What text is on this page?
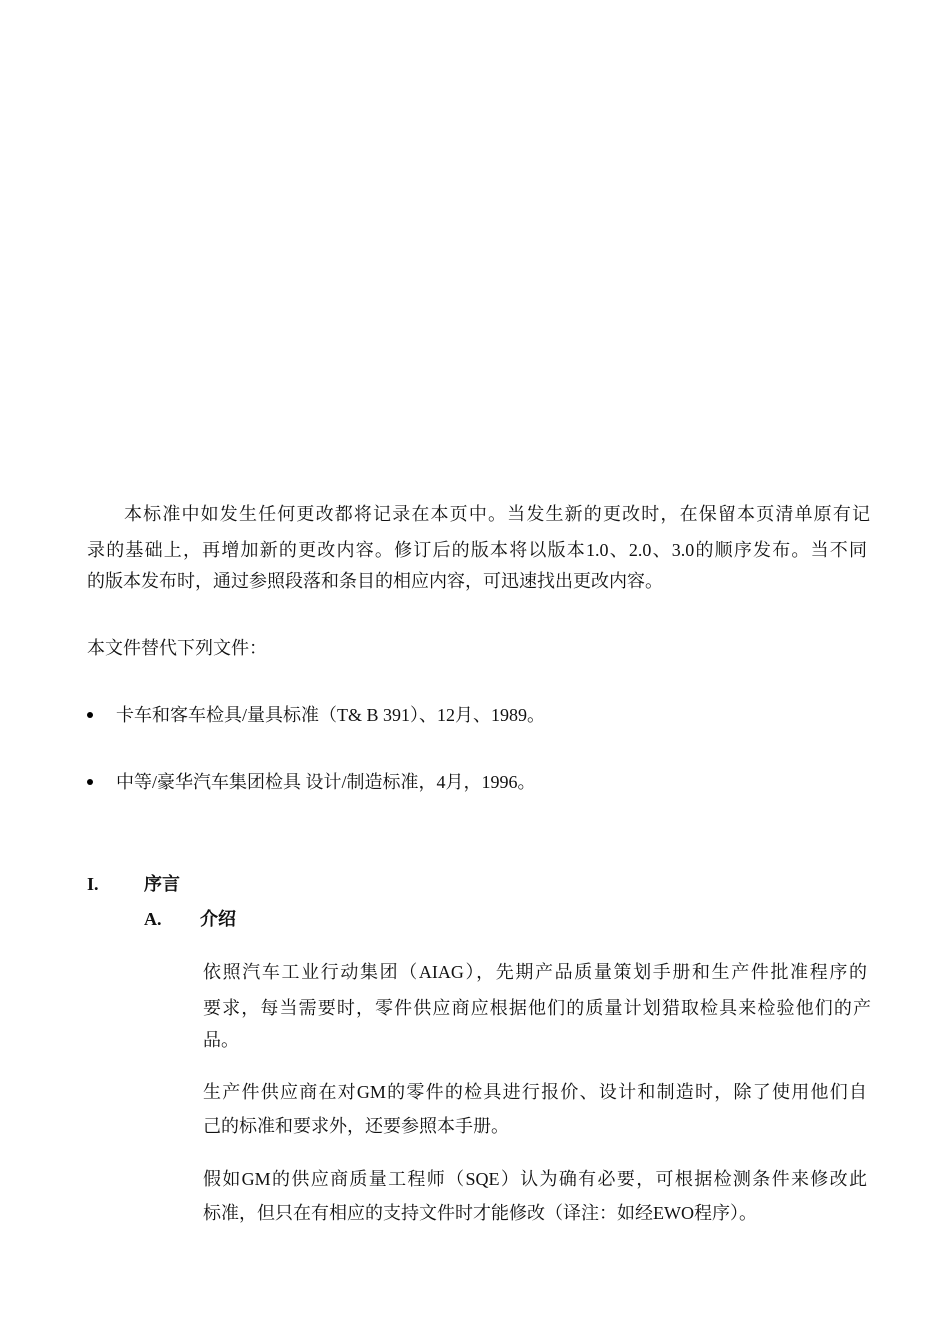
本标准中如发生任何更改都将记录在本页中。当发生新的更改时，在保留本页清单原有记
录的基础上，再增加新的更改内容。修订后的版本将以版本1.0、2.0、3.0的顺序发布。当不同
的版本发布时，通过参照段落和条目的相应内容，可迅速找出更改内容。
本文件替代下列文件：
卡车和客车检具/量具标准（T& B 391）、12月、1989。
中等/豪华汽车集团检具 设计/制造标准，4月，1996。
I.	序言
A. 介绍
依照汽车工业行动集团（AIAG），先期产品质量策划手册和生产件批准程序的
要求，每当需要时，零件供应商应根据他们的质量计划猎取检具来检验他们的产
品。
生产件供应商在对GM的零件的检具进行报价、设计和制造时，除了使用他们自
己的标准和要求外，还要参照本手册。
假如GM的供应商质量工程师（SQE）认为确有必要，可根据检测条件来修改此
标准，但只在有相应的支持文件时才能修改（译注：如经EWO程序）。
